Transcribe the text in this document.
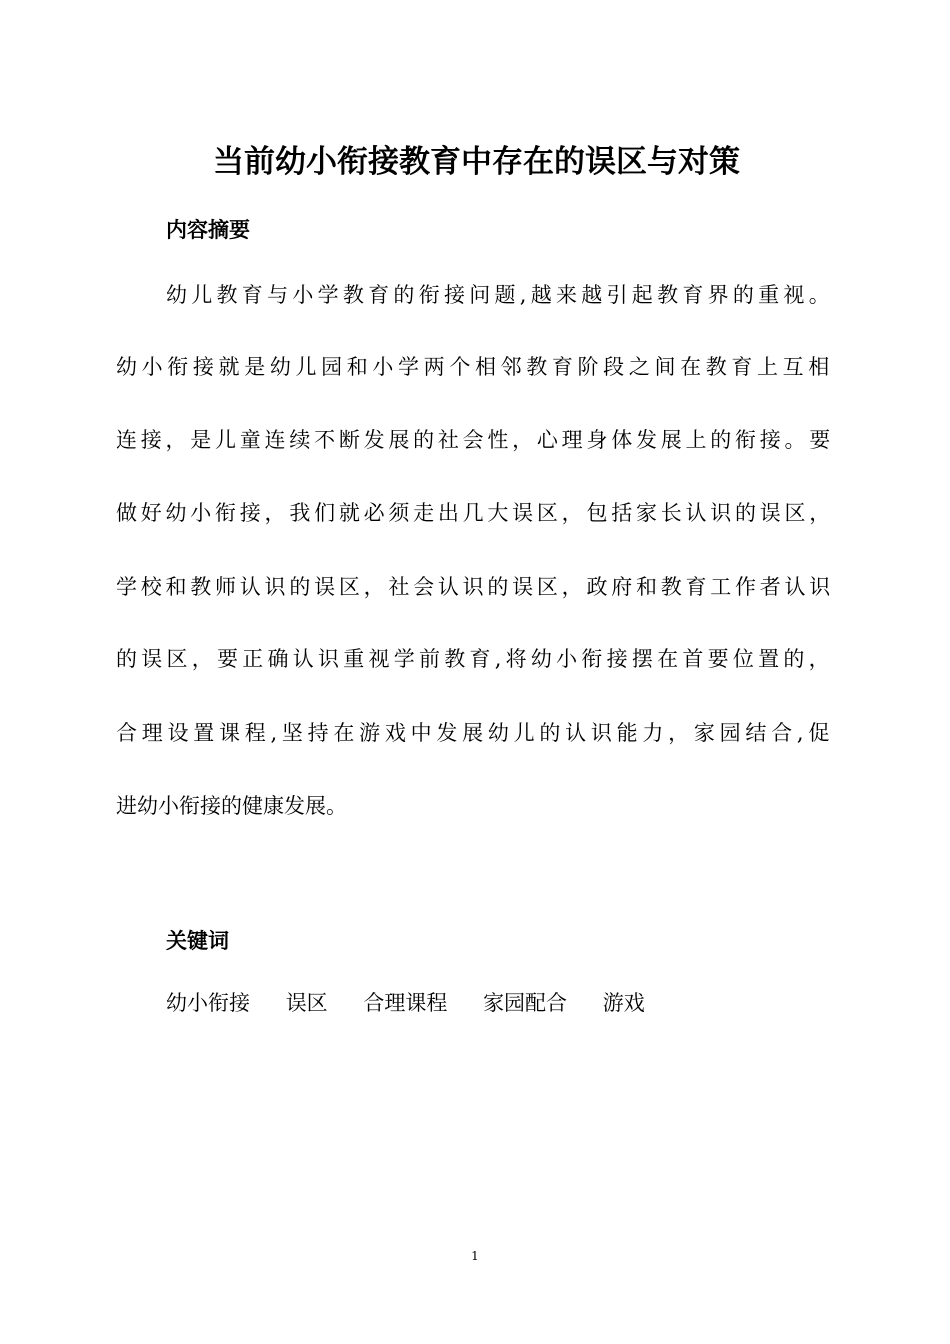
当前幼小衔接教育中存在的误区与对策
内容摘要
幼儿教育与小学教育的衔接问题,越来越引起教育界的重视。
幼小衔接就是幼儿园和小学两个相邻教育阶段之间在教育上互相
连接，是儿童连续不断发展的社会性，心理身体发展上的衔接。要
做好幼小衔接，我们就必须走出几大误区，包括家长认识的误区，
学校和教师认识的误区，社会认识的误区，政府和教育工作者认识
的误区，要正确认识重视学前教育,将幼小衔接摆在首要位置的，
合理设置课程,坚持在游戏中发展幼儿的认识能力，家园结合,促
进幼小衔接的健康发展。
关键词
幼小衔接 误区 合理课程 家园配合 游戏
1
